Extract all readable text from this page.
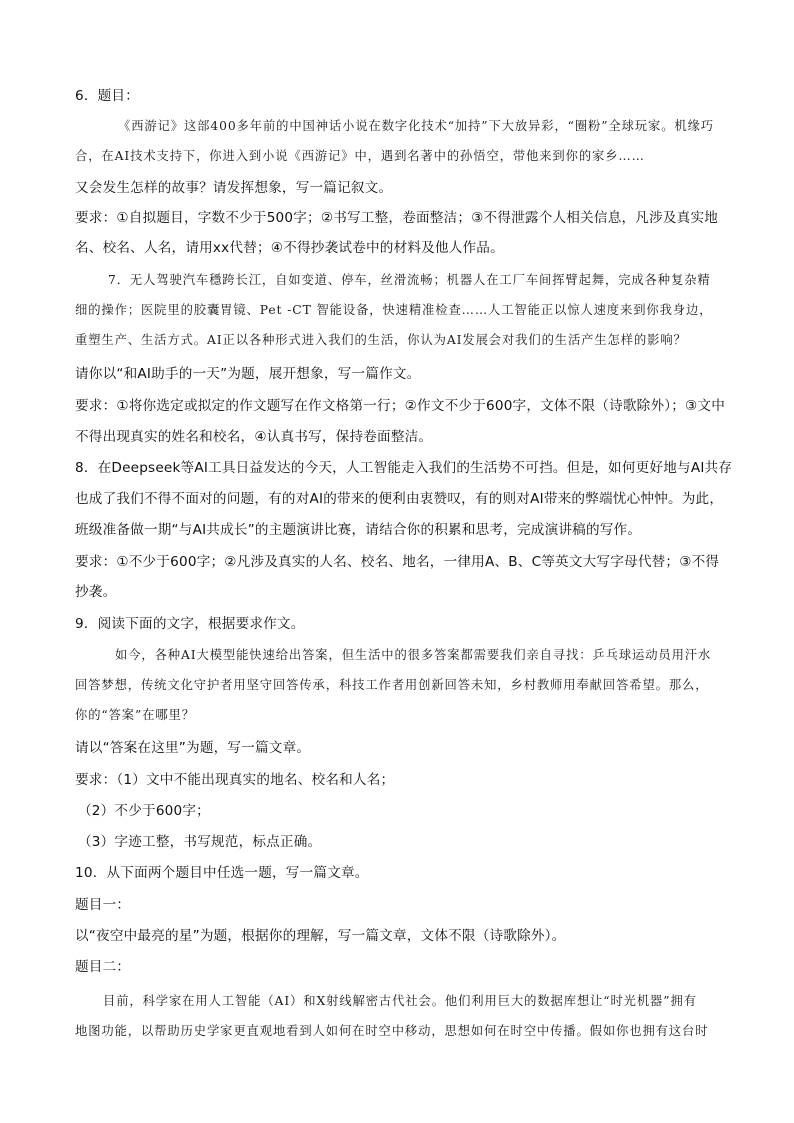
6．题目：

《西游记》这部400多年前的中国神话小说在数字化技术“加持”下大放异彩，“圈粉”全球玩家。机缘巧

合，在AI技术支持下，你进入到小说《西游记》中，遇到名著中的孙悟空，带他来到你的家乡……

又会发生怎样的故事？请发挥想象，写一篇记叙文。

要求：①自拟题目，字数不少于500字；②书写工整，卷面整洁；③不得泄露个人相关信息，凡涉及真实地

名、校名、人名，请用xx代替；④不得抄袭试卷中的材料及他人作品。

7．无人驾驶汽车穩跨长江，自如变道、停车，丝滑流畅；机器人在工厂车间挥臂起舞，完成各种复杂精

细的操作；医院里的胶囊胃镜、Pet -CT 智能设备，快速精准检查……人工智能正以惊人速度来到你我身边，

重塑生产、生活方式。AI正以各种形式进入我们的生活，你认为AI发展会对我们的生活产生怎样的影响？

请你以“和AI助手的一天”为题，展开想象，写一篇作文。

要求：①将你选定或拟定的作文题写在作文格第一行；②作文不少于600字，文体不限（诗歌除外）；③文中

不得出现真实的姓名和校名，④认真书写，保持卷面整洁。

8．在Deepseek等AI工具日益发达的今天，人工智能走入我们的生活势不可挡。但是，如何更好地与AI共存

也成了我们不得不面对的问题，有的对AI的带来的便利由衷赞叹，有的则对AI带来的弊端忧心忡忡。为此，

班级准备做一期“与AI共成长”的主题演讲比赛，请结合你的积累和思考，完成演讲稿的写作。

要求：①不少于600字；②凡涉及真实的人名、校名、地名，一律用A、B、C等英文大写字母代替；③不得

抄袭。

9．阅读下面的文字，根据要求作文。

如今，各种AI大模型能快速给出答案，但生活中的很多答案都需要我们亲自寻找：乒乓球运动员用汗水

回答梦想，传统文化守护者用坚守回答传承，科技工作者用创新回答未知，乡村教师用奉献回答希望。那么，

你的“答案”在哪里？

请以“答案在这里”为题，写一篇文章。

要求：（1）文中不能出现真实的地名、校名和人名；

（2）不少于600字；

（3）字迹工整，书写规范，标点正确。

10．从下面两个题目中任选一题，写一篇文章。

题目一：

以“夜空中最亮的星”为题，根据你的理解，写一篇文章，文体不限（诗歌除外）。

题目二：

目前，科学家在用人工智能（AI）和X射线解密古代社会。他们利用巨大的数据库想让“时光机器”拥有

地图功能，以帮助历史学家更直观地看到人如何在时空中移动，思想如何在时空中传播。假如你也拥有这台时
